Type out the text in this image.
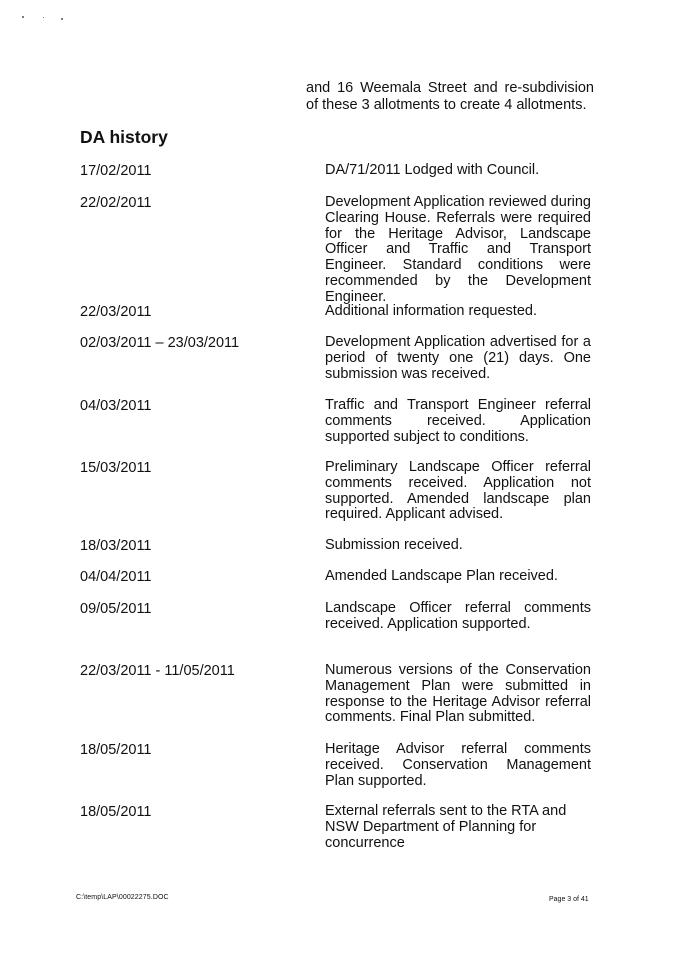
and 16 Weemala Street and re-subdivision of these 3 allotments to create 4 allotments.
DA history
17/02/2011	DA/71/2011 Lodged with Council.
22/02/2011	Development Application reviewed during Clearing House. Referrals were required for the Heritage Advisor, Landscape Officer and Traffic and Transport Engineer. Standard conditions were recommended by the Development Engineer.
22/03/2011	Additional information requested.
02/03/2011 – 23/03/2011	Development Application advertised for a period of twenty one (21) days. One submission was received.
04/03/2011	Traffic and Transport Engineer referral comments received. Application supported subject to conditions.
15/03/2011	Preliminary Landscape Officer referral comments received. Application not supported. Amended landscape plan required. Applicant advised.
18/03/2011	Submission received.
04/04/2011	Amended Landscape Plan received.
09/05/2011	Landscape Officer referral comments received. Application supported.
22/03/2011 - 11/05/2011	Numerous versions of the Conservation Management Plan were submitted in response to the Heritage Advisor referral comments. Final Plan submitted.
18/05/2011	Heritage Advisor referral comments received. Conservation Management Plan supported.
18/05/2011	External referrals sent to the RTA and NSW Department of Planning for concurrence
C:\temp\LAP\00022275.DOC	Page 3 of 41
